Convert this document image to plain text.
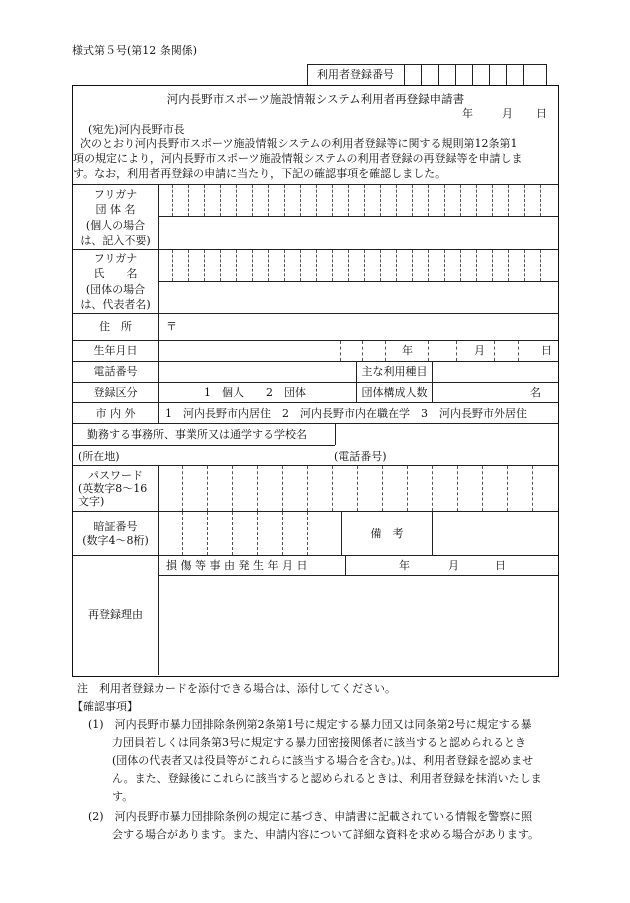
様式第５号(第12 条関係)
利用者登録番号
河内長野市スポーツ施設情報システム利用者再登録申請書
年	月 日
(宛先)河内長野市長
次のとおり河内長野市スポーツ施設情報システムの利用者登録等に関する規則第12条第1
項の規定により，河内長野市スポーツ施設情報システムの利用者登録の再登録等を申請しま
す。なお，利用者再登録の申請に当たり，下記の確認事項を確認しました。
フリガナ
団 体 名
(個人の場合
は、記入不要)
フリガナ
氏　　名
(団体の場合
は、代表者名)
住　所	〒
生年月日	年	月	日
電話番号	主な利用種目
登録区分	1　個人　　2　団体	団体構成人数	名
市 内 外	1　河内長野市内居住　2　河内長野市内在職在学　3　河内長野市外居住
勤務する事務所、事業所又は通学する学校名
(所在地)	(電話番号)
パスワード
(英数字8～16
文字)
暗証番号
(数字4～8桁)
備　考
損 傷 等 事 由 発 生 年 月 日	年	月	日
再登録理由
注　利用者登録カードを添付できる場合は、添付してください。
【確認事項】
(1)　河内長野市暴力団排除条例第2条第1号に規定する暴力団又は同条第2号に規定する暴
力団員若しくは同条第3号に規定する暴力団密接関係者に該当すると認められるとき
(団体の代表者又は役員等がこれらに該当する場合を含む。)は、利用者登録を認めませ
ん。また、登録後にこれらに該当すると認められるときは、利用者登録を抹消いたしま
す。
(2)　河内長野市暴力団排除条例の規定に基づき、申請書に記載されている情報を警察に照
会する場合があります。また、申請内容について詳細な資料を求める場合があります。
